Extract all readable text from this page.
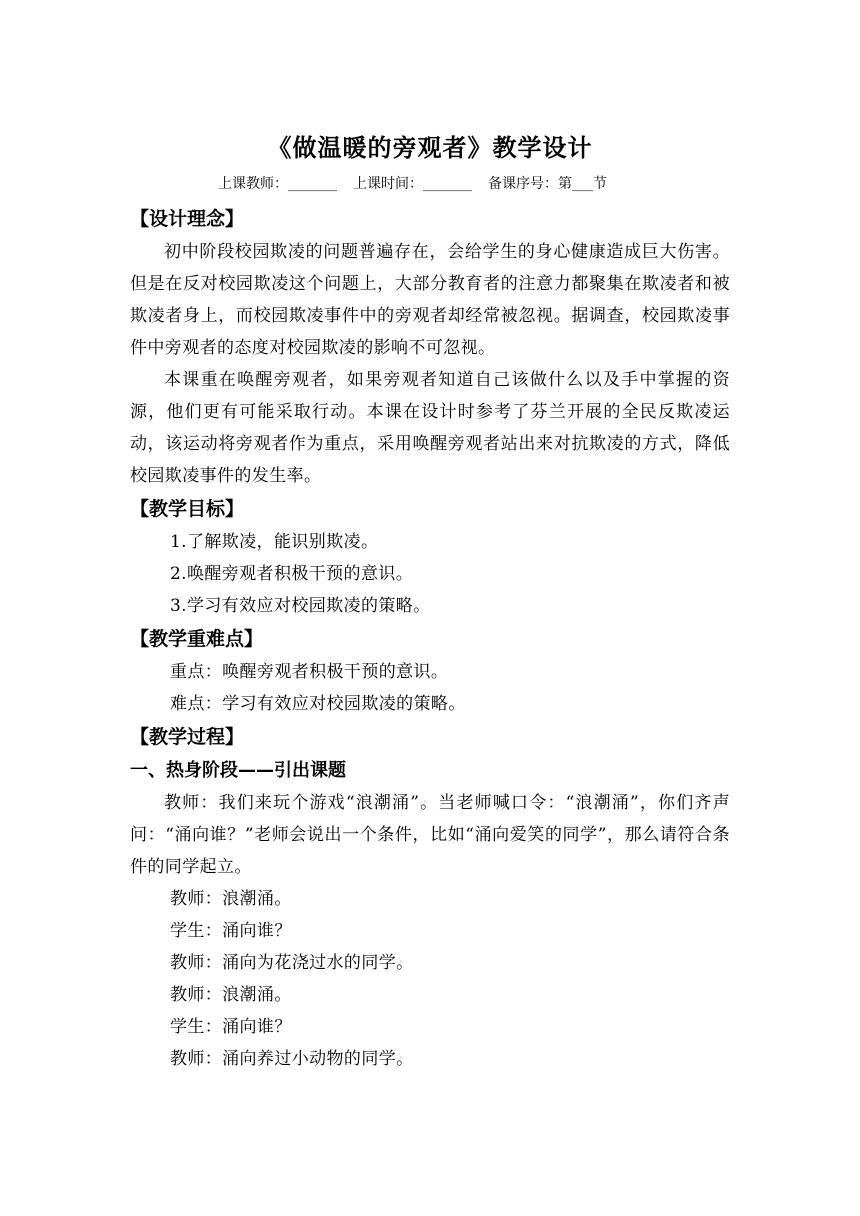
《做温暖的旁观者》教学设计
上课教师：_______ 上课时间：_______ 备课序号：第___节
【设计理念】

初中阶段校园欺凌的问题普遍存在，会给学生的身心健康造成巨大伤害。但是在反对校园欺凌这个问题上，大部分教育者的注意力都聚集在欺凌者和被欺凌者身上，而校园欺凌事件中的旁观者却经常被忽视。据调查，校园欺凌事件中旁观者的态度对校园欺凌的影响不可忽视。

本课重在唤醒旁观者，如果旁观者知道自己该做什么以及手中掌握的资源，他们更有可能采取行动。本课在设计时参考了芬兰开展的全民反欺凌运动，该运动将旁观者作为重点，采用唤醒旁观者站出来对抗欺凌的方式，降低校园欺凌事件的发生率。

【教学目标】

1.了解欺凌，能识别欺凌。

2.唤醒旁观者积极干预的意识。

3.学习有效应对校园欺凌的策略。

【教学重难点】

重点：唤醒旁观者积极干预的意识。

难点：学习有效应对校园欺凌的策略。

【教学过程】
一、热身阶段——引出课题

教师：我们来玩个游戏“浪潮涌”。当老师喊口令：“浪潮涌”，你们齐声问：“涌向谁？”老师会说出一个条件，比如“涌向爱笑的同学”，那么请符合条件的同学起立。

教师：浪潮涌。

学生：涌向谁？

教师：涌向为花浇过水的同学。

教师：浪潮涌。

学生：涌向谁？

教师：涌向养过小动物的同学。
